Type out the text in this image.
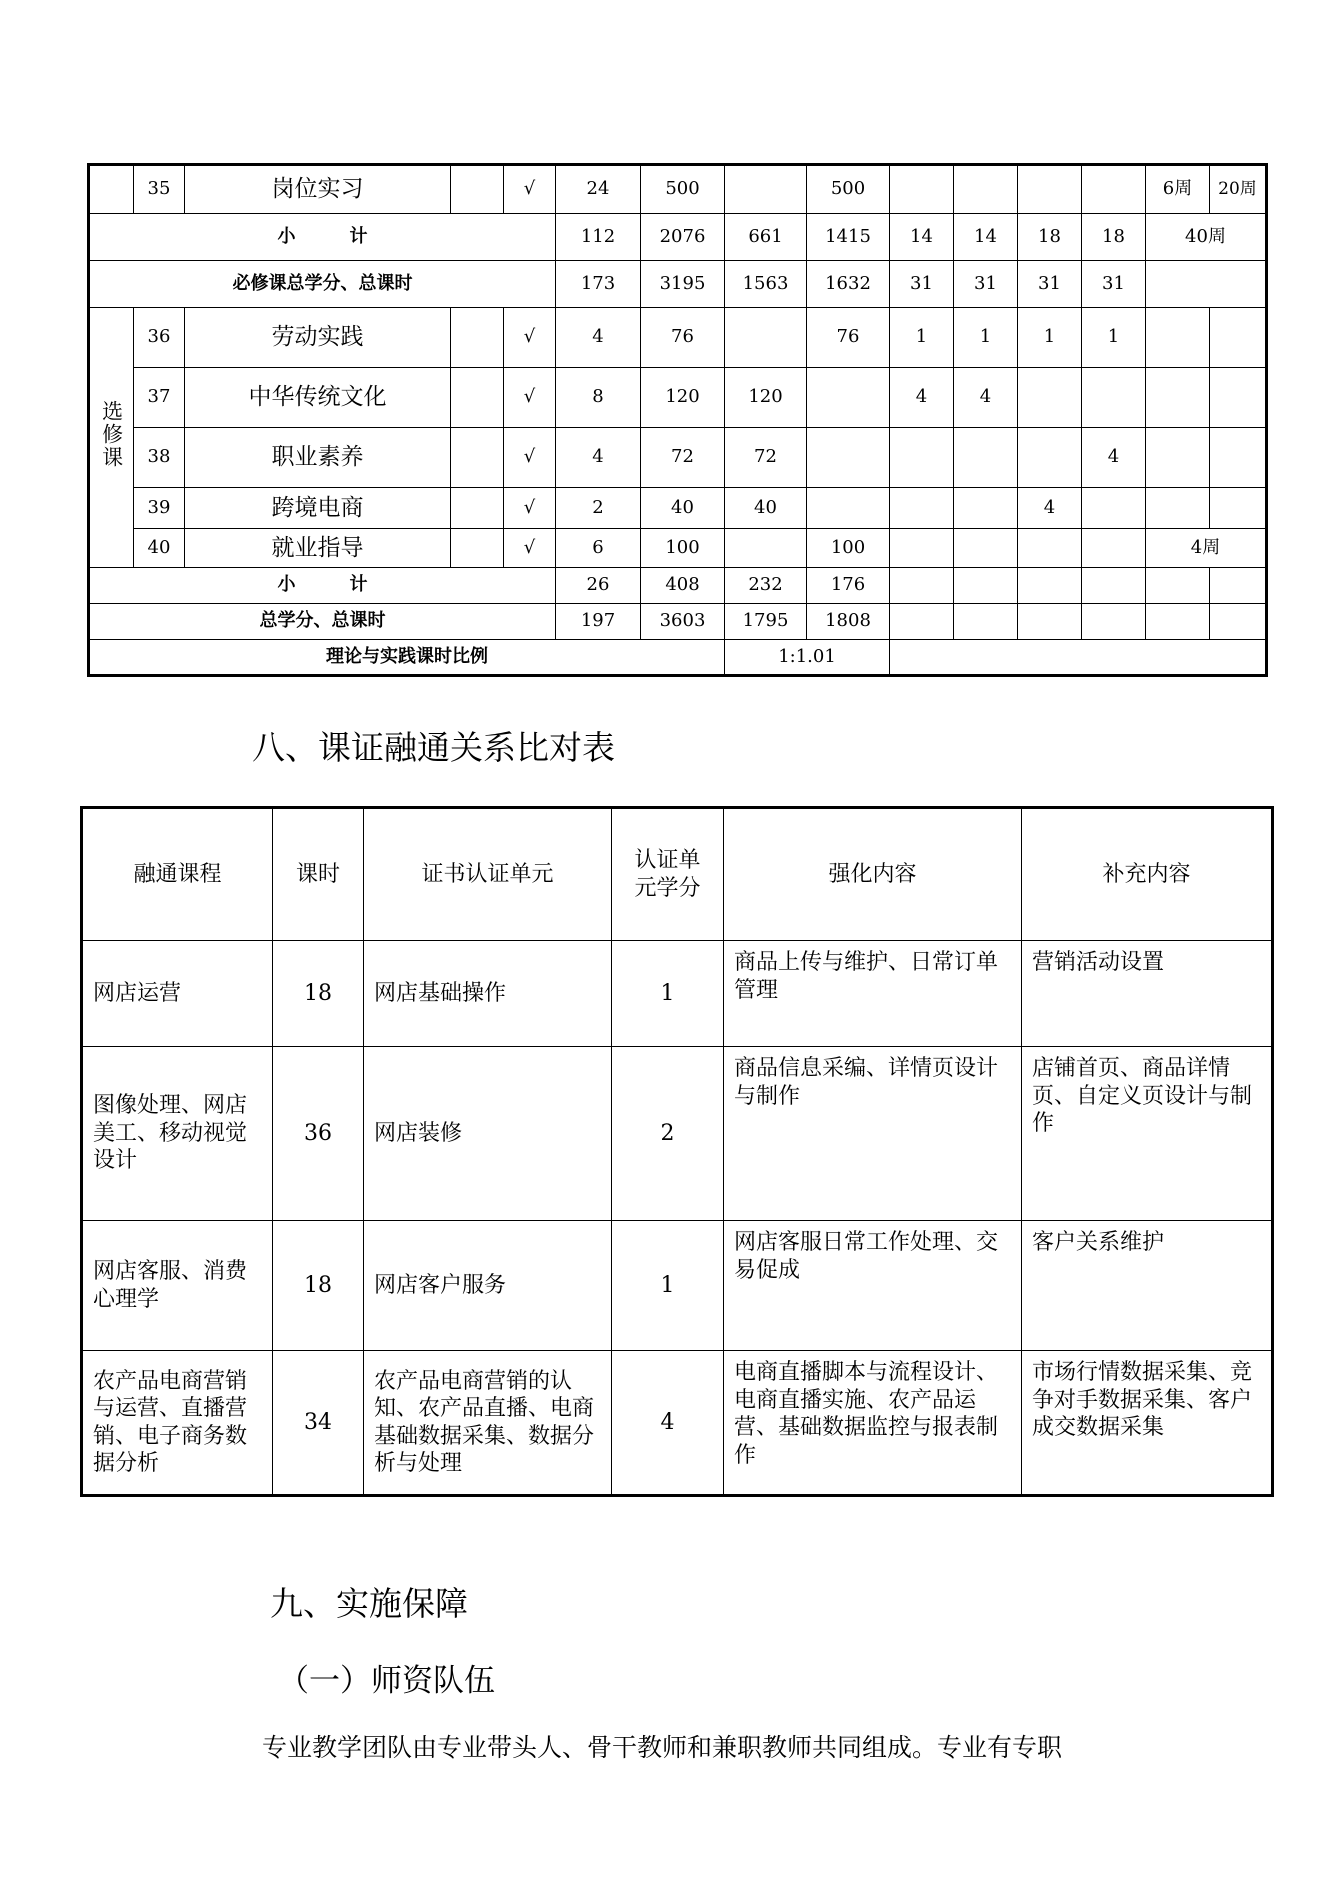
	35	岗位实习		√	24	500		500					6周	20周
小　　　计					112	2076	661	1415	14	14	18	18	40周	
必修课总学分、总课时					173	3195	1563	1632	31	31	31	31		
选修课	36	劳动实践		√	4	76		76	1	1	1	1		
	37	中华传统文化		√	8	120	120		4	4				
	38	职业素养		√	4	72	72					4		
	39	跨境电商		√	2	40	40				4			
	40	就业指导		√	6	100		100					4周	
小　　　计					26	408	232	176						
总学分、总课时					197	3603	1795	1808						
理论与实践课时比例							1:1.01							
八、课证融通关系比对表
融通课程	课时	证书认证单元	认证单元学分	强化内容	补充内容
网店运营	18	网店基础操作	1	商品上传与维护、日常订单管理	营销活动设置
图像处理、网店美工、移动视觉设计	36	网店装修	2	商品信息采编、详情页设计与制作	店铺首页、商品详情页、自定义页设计与制作
网店客服、消费心理学	18	网店客户服务	1	网店客服日常工作处理、交易促成	客户关系维护
农产品电商营销与运营、直播营销、电子商务数据分析	34	农产品电商营销的认知、农产品直播、电商基础数据采集、数据分析与处理	4	电商直播脚本与流程设计、电商直播实施、农产品运营、基础数据监控与报表制作	市场行情数据采集、竞争对手数据采集、客户成交数据采集
九、实施保障
（一）师资队伍
专业教学团队由专业带头人、骨干教师和兼职教师共同组成。专业有专职
